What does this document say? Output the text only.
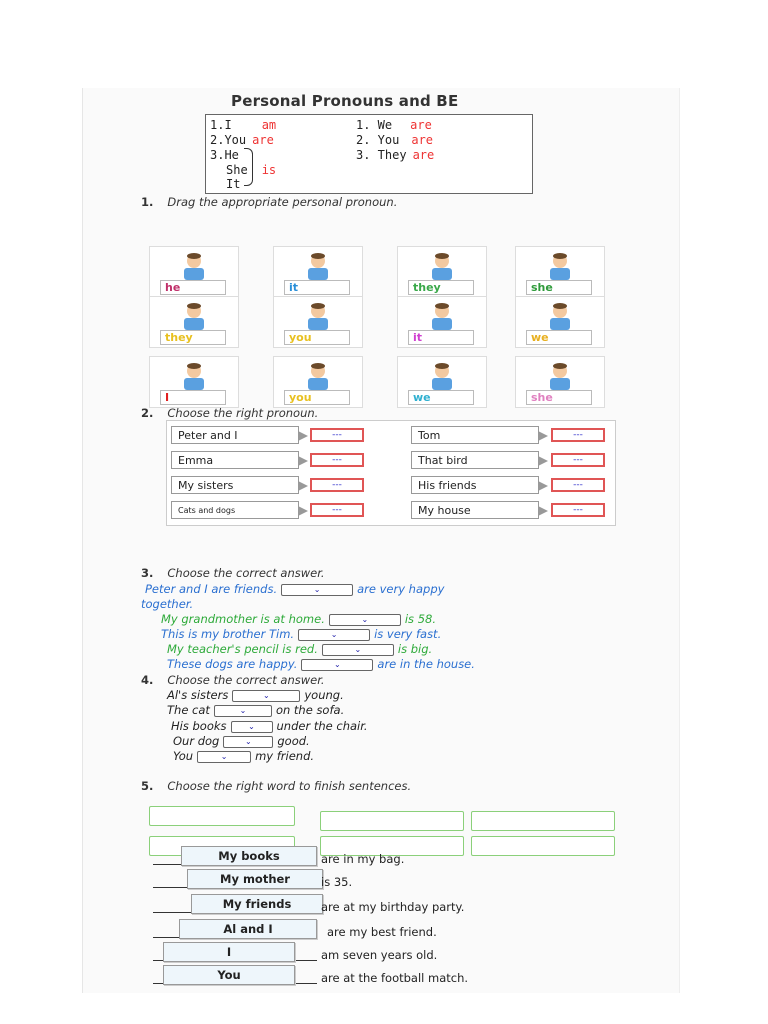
Personal Pronouns and BE
1.I	am
2.You are
3.He
She is
It
1. We are
2. You are
3. They are
1. Drag the appropriate personal pronoun.
he	it	they	she
they	you	it	we
I	you	we	she
2. Choose the right pronoun.
Peter and I	---	Tom	---
Emma	---	That bird	---
My sisters	---	His friends	---
Cats and dogs	---	My house	---
3. Choose the correct answer.
Peter and I are friends.	⌄	are very happy
together.
My grandmother is at home.	⌄	is 58.
This is my brother Tim.	⌄	is very fast.
My teacher's pencil is red.	⌄	is big.
These dogs are happy.	⌄	are in the house.
4. Choose the correct answer.
Al's sisters	⌄	young.
The cat	⌄	on the sofa.
His books	⌄ under the chair.
Our dog	⌄ good.
You	⌄ my friend.
5. Choose the right word to finish sentences.
My books	are in my bag.
My mother	is 35.
My friends	are at my birthday party.
Al and I	are my best friend.
I	am seven years old.
You	are at the football match.
